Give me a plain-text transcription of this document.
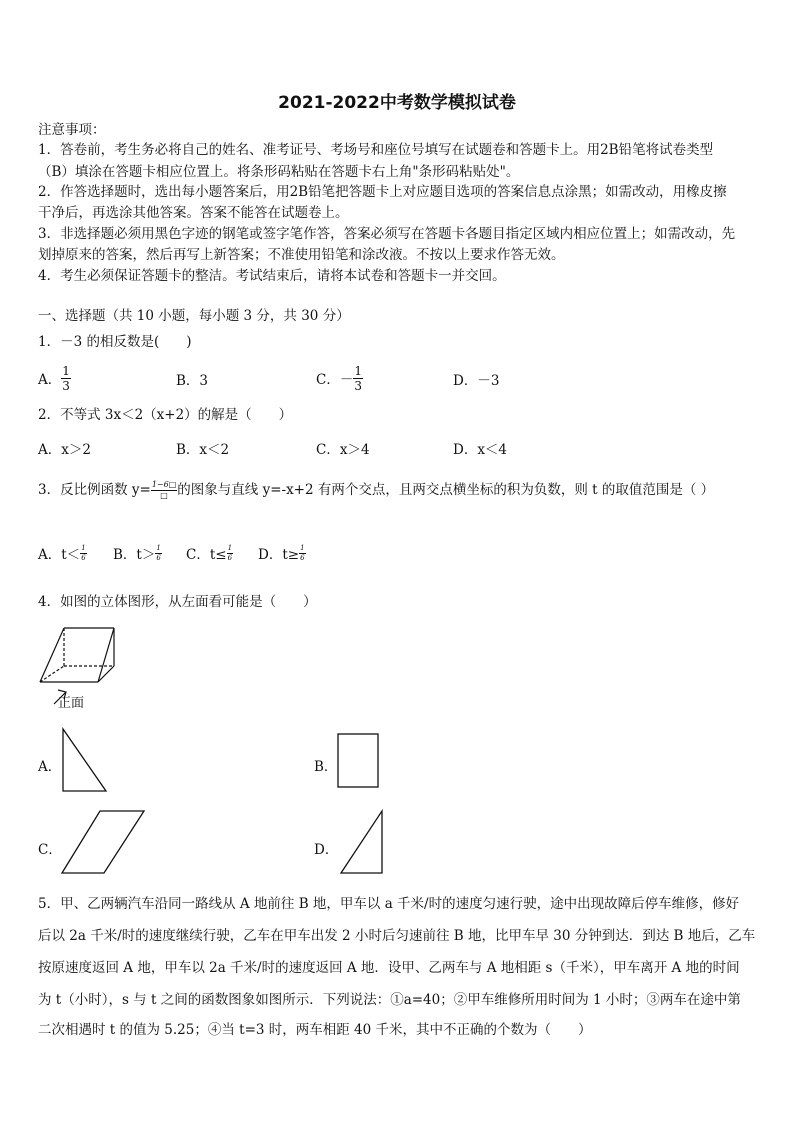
2021-2022中考数学模拟试卷
注意事项：
1．答卷前，考生务必将自己的姓名、准考证号、考场号和座位号填写在试题卷和答题卡上。用2B铅笔将试卷类型
（B）填涂在答题卡相应位置上。将条形码粘贴在答题卡右上角"条形码粘贴处"。
2．作答选择题时，选出每小题答案后，用2B铅笔把答题卡上对应题目选项的答案信息点涂黑；如需改动，用橡皮擦
干净后，再选涂其他答案。答案不能答在试题卷上。
3．非选择题必须用黑色字迹的钢笔或签字笔作答，答案必须写在答题卡各题目指定区域内相应位置上；如需改动，先
划掉原来的答案，然后再写上新答案；不准使用铅笔和涂改液。不按以上要求作答无效。
4．考生必须保证答题卡的整洁。考试结束后，请将本试卷和答题卡一并交回。
一、选择题（共 10 小题，每小题 3 分，共 30 分）
1．－3 的相反数是(　　)
A． $\frac{1}{3}$	B．3	C．－ $\frac{1}{3}$	D．－3
2．不等式 3x＜2（x+2）的解是（　　）
A．x＞2	B．x＜2	C．x＞4	D．x＜4
3．反比例函数 $y= \frac{1-6□}{□}$ 的图象与直线 y=-x+2 有两个交点，且两交点横坐标的积为负数，则 t 的取值范围是（ ）
A．$t< \frac{1}{6}$ B．$t> \frac{1}{6}$ C．$t\le \frac{1}{6}$ D．$t\ge \frac{1}{6}$
4．如图的立体图形，从左面看可能是（　　）
正面
A．	B．
C．	D．
5．甲、乙两辆汽车沿同一路线从 A 地前往 B 地，甲车以 a 千米/时的速度匀速行驶，途中出现故障后停车维修，修好
后以 2a 千米/时的速度继续行驶，乙车在甲车出发 2 小时后匀速前往 B 地，比甲车早 30 分钟到达．到达 B 地后，乙车
按原速度返回 A 地，甲车以 2a 千米/时的速度返回 A 地．设甲、乙两车与 A 地相距 s（千米），甲车离开 A 地的时间
为 t（小时），s 与 t 之间的函数图象如图所示．下列说法：①a=40；②甲车维修所用时间为 1 小时；③两车在途中第
二次相遇时 t 的值为 5.25；④当 t=3 时，两车相距 40 千米，其中不正确的个数为（　　）
